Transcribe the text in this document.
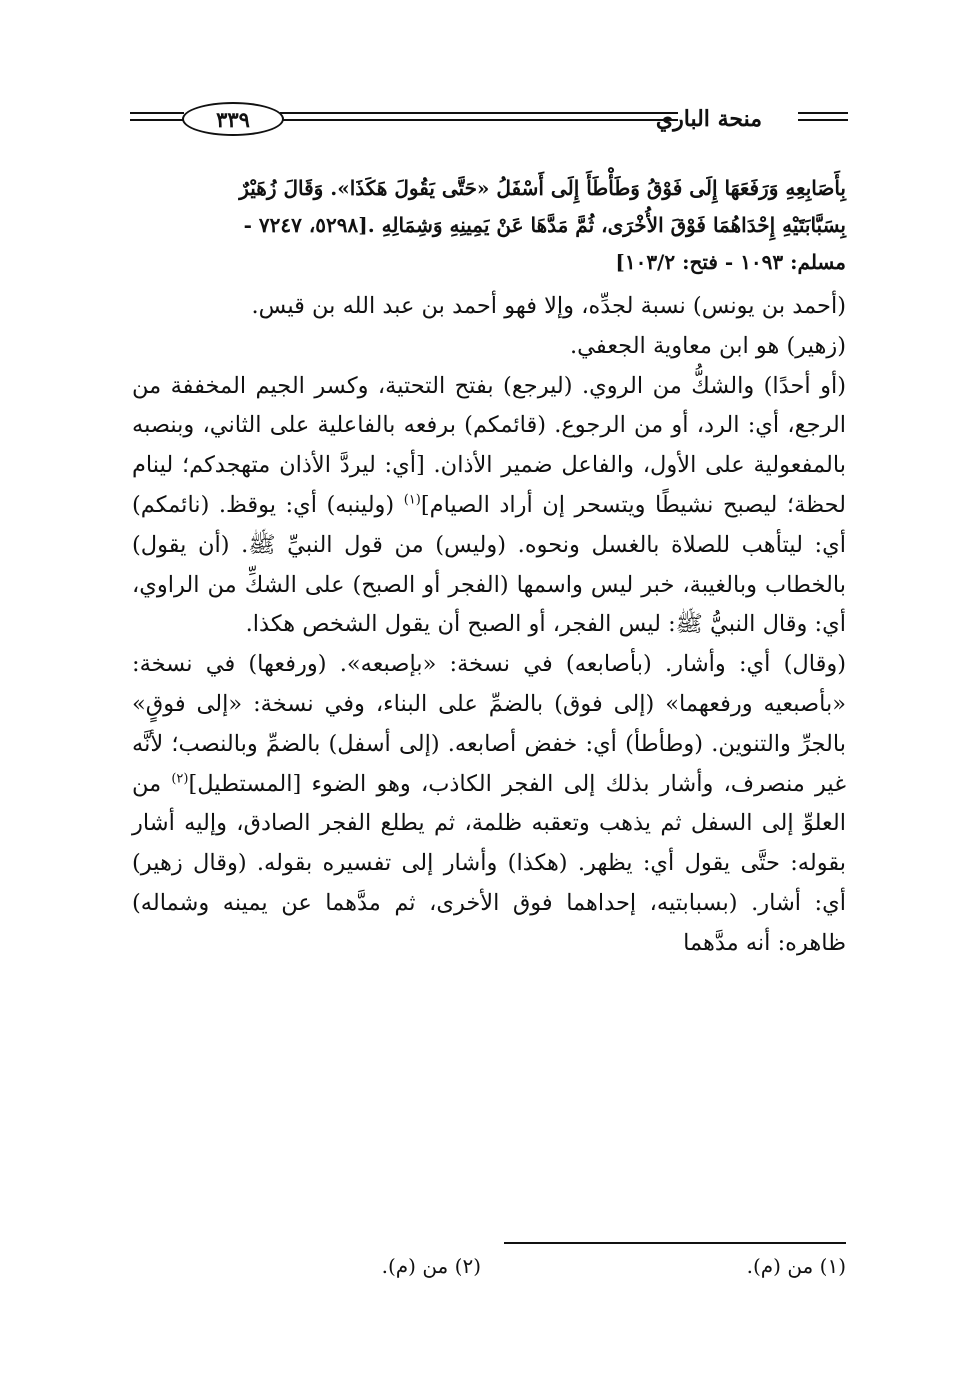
منحة الباري
٣٣٩

بِأَصَابِعِهِ وَرَفَعَهَا إِلَى فَوْقُ وَطَأْطَأَ إِلَى أَسْفَلُ «حَتَّى يَقُولَ هَكَذَا». وَقَالَ زُهَيْرٌ

بِسَبَّابَتَيْهِ إِحْدَاهُمَا فَوْقَ الأُخْرَى، ثُمَّ مَدَّهَا عَنْ يَمِينِهِ وَشِمَالِهِ .[٥٢٩٨، ٧٢٤٧ -

مسلم: ١٠٩٣ - فتح: ١٠٣/٢]

(أحمد بن يونس) نسبة لجدِّه، وإلا فهو أحمد بن عبد الله بن قيس.

(زهير) هو ابن معاوية الجعفي.

(أو أحدًا) والشكُّ من الروي. (ليرجع) بفتح التحتية، وكسر الجيم المخففة من الرجع، أي: الرد، أو من الرجوع. (قائمكم) برفعه بالفاعلية على الثاني، وبنصبه بالمفعولية على الأول، والفاعل ضمير الأذان. [أي: ليردَّ الأذان متهجدكم؛ لينام لحظة؛ ليصبح نشيطًا ويتسحر إن أراد الصيام]$^{(١)}$ (ولينبه) أي: يوقظ. (نائمكم) أي: ليتأهب للصلاة بالغسل ونحوه. (وليس) من قول النبيِّ ﷺ. (أن يقول) بالخطاب وبالغيبة، خبر ليس واسمها (الفجر أو الصبح) على الشكِّ من الراوي، أي: وقال النبيُّ ﷺ: ليس الفجر، أو الصبح أن يقول الشخص هكذا.

(وقال) أي: وأشار. (بأصابعه) في نسخة: «بإصبعه». (ورفعها) في نسخة: «بأصبعيه ورفعهما» (إلى فوق) بالضمِّ على البناء، وفي نسخة: «إلى فوقٍ» بالجرِّ والتنوين. (وطأطأ) أي: خفض أصابعه. (إلى أسفل) بالضمِّ وبالنصب؛ لأنَّه غير منصرف، وأشار بذلك إلى الفجر الكاذب، وهو الضوء [المستطيل]$^{(٢)}$ من العلوِّ إلى السفل ثم يذهب وتعقبه ظلمة، ثم يطلع الفجر الصادق، وإليه أشار بقوله: حتَّى يقول أي: يظهر. (هكذا) وأشار إلى تفسيره بقوله. (وقال زهير) أي: أشار. (بسبابتيه، إحداهما فوق الأخرى، ثم مدَّهما عن يمينه وشماله) ظاهره: أنه مدَّهما

(١) من (م).
(٢) من (م).
